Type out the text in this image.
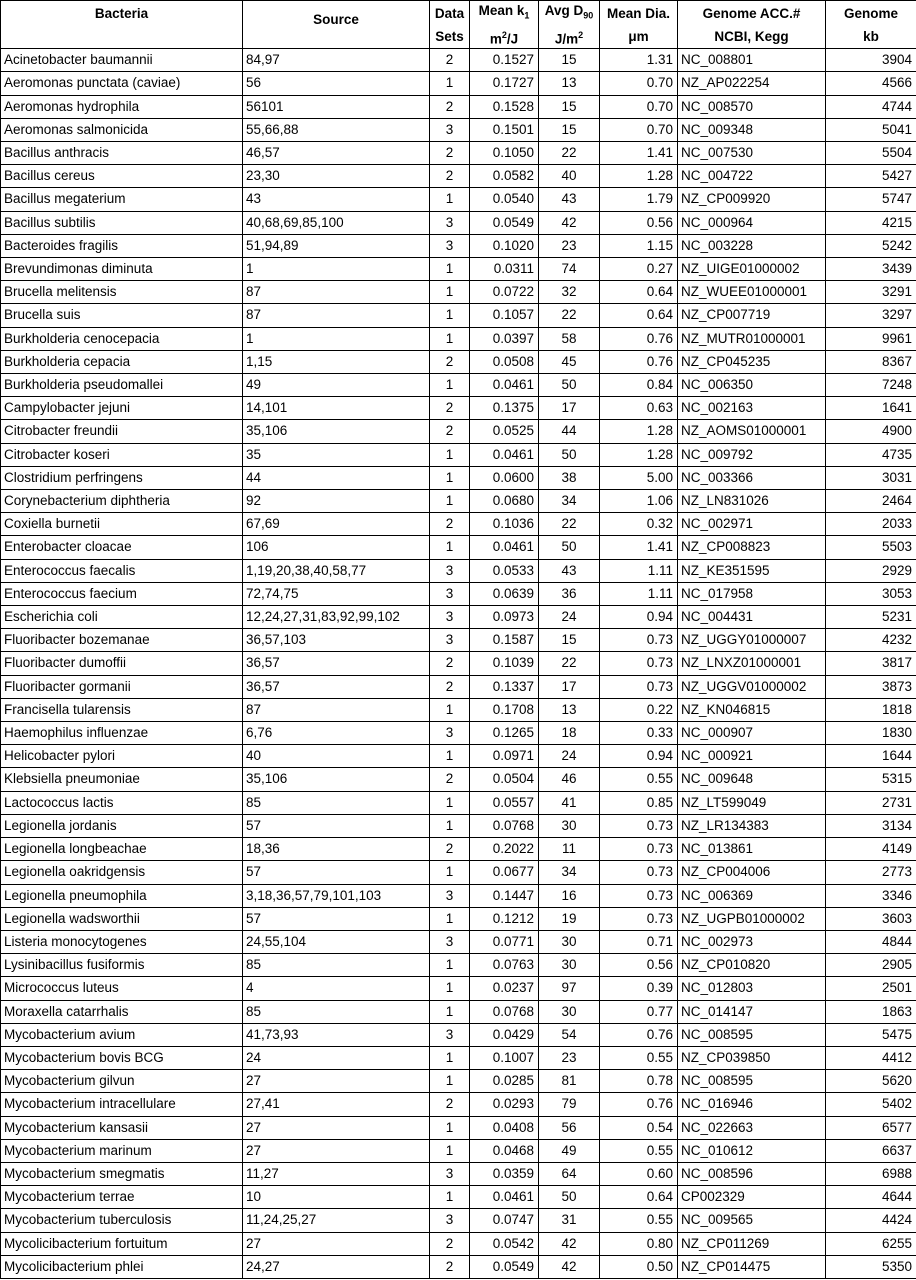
Bacteria	Source	Data	Mean $k_1$	Avg $D_{90}$	Mean Dia.	Genome ACC.#	Genome
		Sets	$m^2/J$	$J/m^2$	μm	NCBI, Kegg	kb
Acinetobacter baumannii	84,97	2	0.1527	15	1.31	NC_008801	3904
Aeromonas punctata (caviae)	56	1	0.1727	13	0.70	NZ_AP022254	4566
Aeromonas hydrophila	56101	2	0.1528	15	0.70	NC_008570	4744
Aeromonas salmonicida	55,66,88	3	0.1501	15	0.70	NC_009348	5041
Bacillus anthracis	46,57	2	0.1050	22	1.41	NC_007530	5504
Bacillus cereus	23,30	2	0.0582	40	1.28	NC_004722	5427
Bacillus megaterium	43	1	0.0540	43	1.79	NZ_CP009920	5747
Bacillus subtilis	40,68,69,85,100	3	0.0549	42	0.56	NC_000964	4215
Bacteroides fragilis	51,94,89	3	0.1020	23	1.15	NC_003228	5242
Brevundimonas diminuta	1	1	0.0311	74	0.27	NZ_UIGE01000002	3439
Brucella melitensis	87	1	0.0722	32	0.64	NZ_WUEE01000001	3291
Brucella suis	87	1	0.1057	22	0.64	NZ_CP007719	3297
Burkholderia cenocepacia	1	1	0.0397	58	0.76	NZ_MUTR01000001	9961
Burkholderia cepacia	1,15	2	0.0508	45	0.76	NZ_CP045235	8367
Burkholderia pseudomallei	49	1	0.0461	50	0.84	NC_006350	7248
Campylobacter jejuni	14,101	2	0.1375	17	0.63	NC_002163	1641
Citrobacter freundii	35,106	2	0.0525	44	1.28	NZ_AOMS01000001	4900
Citrobacter koseri	35	1	0.0461	50	1.28	NC_009792	4735
Clostridium perfringens	44	1	0.0600	38	5.00	NC_003366	3031
Corynebacterium diphtheria	92	1	0.0680	34	1.06	NZ_LN831026	2464
Coxiella burnetii	67,69	2	0.1036	22	0.32	NC_002971	2033
Enterobacter cloacae	106	1	0.0461	50	1.41	NZ_CP008823	5503
Enterococcus faecalis	1,19,20,38,40,58,77	3	0.0533	43	1.11	NZ_KE351595	2929
Enterococcus faecium	72,74,75	3	0.0639	36	1.11	NC_017958	3053
Escherichia coli	12,24,27,31,83,92,99,102	3	0.0973	24	0.94	NC_004431	5231
Fluoribacter bozemanae	36,57,103	3	0.1587	15	0.73	NZ_UGGY01000007	4232
Fluoribacter dumoffii	36,57	2	0.1039	22	0.73	NZ_LNXZ01000001	3817
Fluoribacter gormanii	36,57	2	0.1337	17	0.73	NZ_UGGV01000002	3873
Francisella tularensis	87	1	0.1708	13	0.22	NZ_KN046815	1818
Haemophilus influenzae	6,76	3	0.1265	18	0.33	NC_000907	1830
Helicobacter pylori	40	1	0.0971	24	0.94	NC_000921	1644
Klebsiella pneumoniae	35,106	2	0.0504	46	0.55	NC_009648	5315
Lactococcus lactis	85	1	0.0557	41	0.85	NZ_LT599049	2731
Legionella jordanis	57	1	0.0768	30	0.73	NZ_LR134383	3134
Legionella longbeachae	18,36	2	0.2022	11	0.73	NC_013861	4149
Legionella oakridgensis	57	1	0.0677	34	0.73	NZ_CP004006	2773
Legionella pneumophila	3,18,36,57,79,101,103	3	0.1447	16	0.73	NC_006369	3346
Legionella wadsworthii	57	1	0.1212	19	0.73	NZ_UGPB01000002	3603
Listeria monocytogenes	24,55,104	3	0.0771	30	0.71	NC_002973	4844
Lysinibacillus fusiformis	85	1	0.0763	30	0.56	NZ_CP010820	2905
Micrococcus luteus	4	1	0.0237	97	0.39	NC_012803	2501
Moraxella catarrhalis	85	1	0.0768	30	0.77	NC_014147	1863
Mycobacterium avium	41,73,93	3	0.0429	54	0.76	NC_008595	5475
Mycobacterium bovis BCG	24	1	0.1007	23	0.55	NZ_CP039850	4412
Mycobacterium gilvun	27	1	0.0285	81	0.78	NC_008595	5620
Mycobacterium intracellulare	27,41	2	0.0293	79	0.76	NC_016946	5402
Mycobacterium kansasii	27	1	0.0408	56	0.54	NC_022663	6577
Mycobacterium marinum	27	1	0.0468	49	0.55	NC_010612	6637
Mycobacterium smegmatis	11,27	3	0.0359	64	0.60	NC_008596	6988
Mycobacterium terrae	10	1	0.0461	50	0.64	CP002329	4644
Mycobacterium tuberculosis	11,24,25,27	3	0.0747	31	0.55	NC_009565	4424
Mycolicibacterium fortuitum	27	2	0.0542	42	0.80	NZ_CP011269	6255
Mycolicibacterium phlei	24,27	2	0.0549	42	0.50	NZ_CP014475	5350
